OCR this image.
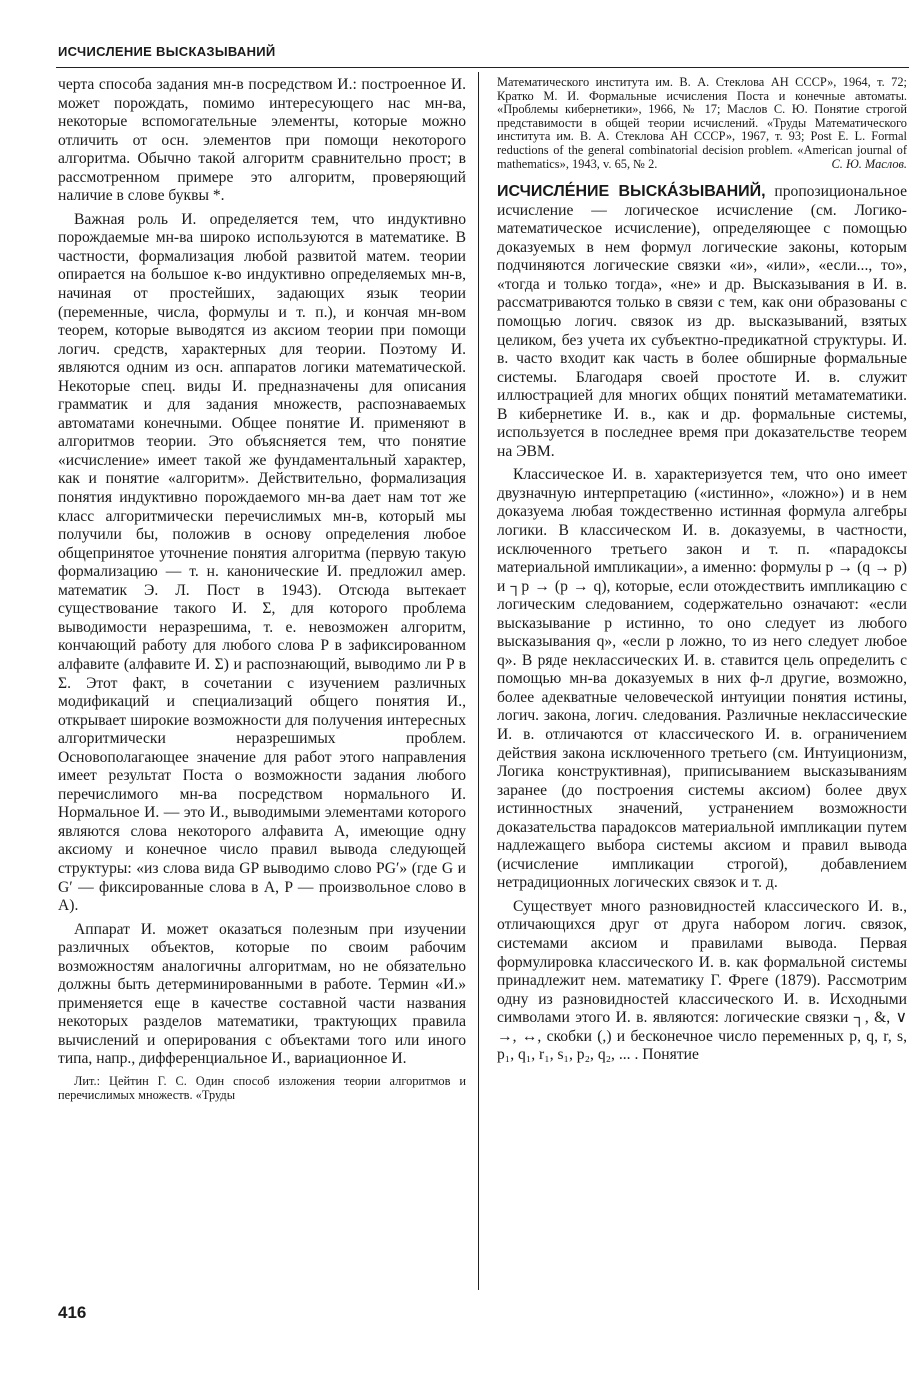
ИСЧИСЛЕНИЕ ВЫСКАЗЫВАНИЙ

черта способа задания мн-в посредством И.: построенное И. может порождать, помимо интересующего нас мн-ва, некоторые вспомогательные элементы, которые можно отличить от осн. элементов при помощи некоторого алгоритма. Обычно такой алгоритм сравнительно прост; в рассмотренном примере это алгоритм, проверяющий наличие в слове буквы *.

Важная роль И. определяется тем, что индуктивно порождаемые мн-ва широко используются в математике. В частности, формализация любой развитой матем. теории опирается на большое к-во индуктивно определяемых мн-в, начиная от простейших, задающих язык теории (переменные, числа, формулы и т. п.), и кончая мн-вом теорем, которые выводятся из аксиом теории при помощи логич. средств, характерных для теории. Поэтому И. являются одним из осн. аппаратов логики математической. Некоторые спец. виды И. предназначены для описания грамматик и для задания множеств, распознаваемых автоматами конечными. Общее понятие И. применяют в алгоритмов теории. Это объясняется тем, что понятие «исчисление» имеет такой же фундаментальный характер, как и понятие «алгоритм». Действительно, формализация понятия индуктивно порождаемого мн-ва дает нам тот же класс алгоритмически перечислимых мн-в, который мы получили бы, положив в основу определения любое общепринятое уточнение понятия алгоритма (первую такую формализацию — т. н. канонические И. предложил амер. математик Э. Л. Пост в 1943). Отсюда вытекает существование такого И. Σ, для которого проблема выводимости неразрешима, т. е. невозможен алгоритм, кончающий работу для любого слова P в зафиксированном алфавите (алфавите И. Σ) и распознающий, выводимо ли P в Σ. Этот факт, в сочетании с изучением различных модификаций и специализаций общего понятия И., открывает широкие возможности для получения интересных алгоритмически неразрешимых проблем. Основополагающее значение для работ этого направления имеет результат Поста о возможности задания любого перечислимого мн-ва посредством нормального И. Нормальное И. — это И., выводимыми элементами которого являются слова некоторого алфавита A, имеющие одну аксиому и конечное число правил вывода следующей структуры: «из слова вида GP выводимо слово PG′» (где G и G′ — фиксированные слова в A, P — произвольное слово в A).

Аппарат И. может оказаться полезным при изучении различных объектов, которые по своим рабочим возможностям аналогичны алгоритмам, но не обязательно должны быть детерминированными в работе. Термин «И.» применяется еще в качестве составной части названия некоторых разделов математики, трактующих правила вычислений и оперирования с объектами того или иного типа, напр., дифференциальное И., вариационное И.

Лит.: Цейтин Г. С. Один способ изложения теории алгоритмов и перечислимых множеств. «Труды

Математического института им. В. А. Стеклова АН СССР», 1964, т. 72; Кратко М. И. Формальные исчисления Поста и конечные автоматы. «Проблемы кибернетики», 1966, № 17; Маслов С. Ю. Понятие строгой представимости в общей теории исчислений. «Труды Математического института им. В. А. Стеклова АН СССР», 1967, т. 93; Post E. L. Formal reductions of the general combinatorial decision problem. «American journal of mathematics», 1943, v. 65, № 2.	С. Ю. Маслов.

ИСЧИСЛЕ́НИЕ ВЫСКА́ЗЫВАНИЙ, пропозициональное исчисление — логическое исчисление (см. Логико-математическое исчисление), определяющее с помощью доказуемых в нем формул логические законы, которым подчиняются логические связки «и», «или», «если..., то», «тогда и только тогда», «не» и др. Высказывания в И. в. рассматриваются только в связи с тем, как они образованы с помощью логич. связок из др. высказываний, взятых целиком, без учета их субъектно-предикатной структуры. И. в. часто входит как часть в более обширные формальные системы. Благодаря своей простоте И. в. служит иллюстрацией для многих общих понятий метаматематики. В кибернетике И. в., как и др. формальные системы, используется в последнее время при доказательстве теорем на ЭВМ.

Классическое И. в. характеризуется тем, что оно имеет двузначную интерпретацию («истинно», «ложно») и в нем доказуема любая тождественно истинная формула алгебры логики. В классическом И. в. доказуемы, в частности, исключенного третьего закон и т. п. «парадоксы материальной импликации», а именно: формулы p → (q → p) и ┐p → (p → q), которые, если отождествить импликацию с логическим следованием, содержательно означают: «если высказывание p истинно, то оно следует из любого высказывания q», «если p ложно, то из него следует любое q». В ряде неклассических И. в. ставится цель определить с помощью мн-ва доказуемых в них ф-л другие, возможно, более адекватные человеческой интуиции понятия истины, логич. закона, логич. следования. Различные неклассические И. в. отличаются от классического И. в. ограничением действия закона исключенного третьего (см. Интуиционизм, Логика конструктивная), приписыванием высказываниям заранее (до построения системы аксиом) более двух истинностных значений, устранением возможности доказательства парадоксов материальной импликации путем надлежащего выбора системы аксиом и правил вывода (исчисление импликации строгой), добавлением нетрадиционных логических связок и т. д.

Существует много разновидностей классического И. в., отличающихся друг от друга набором логич. связок, системами аксиом и правилами вывода. Первая формулировка классического И. в. как формальной системы принадлежит нем. математику Г. Фреге (1879). Рассмотрим одну из разновидностей классического И. в. Исходными символами этого И. в. являются: логические связки ┐, &, ∨ →, ↔, скобки (,) и бесконечное число переменных p, q, r, s, p₁, q₁, r₁, s₁, p₂, q₂, ... . Понятие

416
